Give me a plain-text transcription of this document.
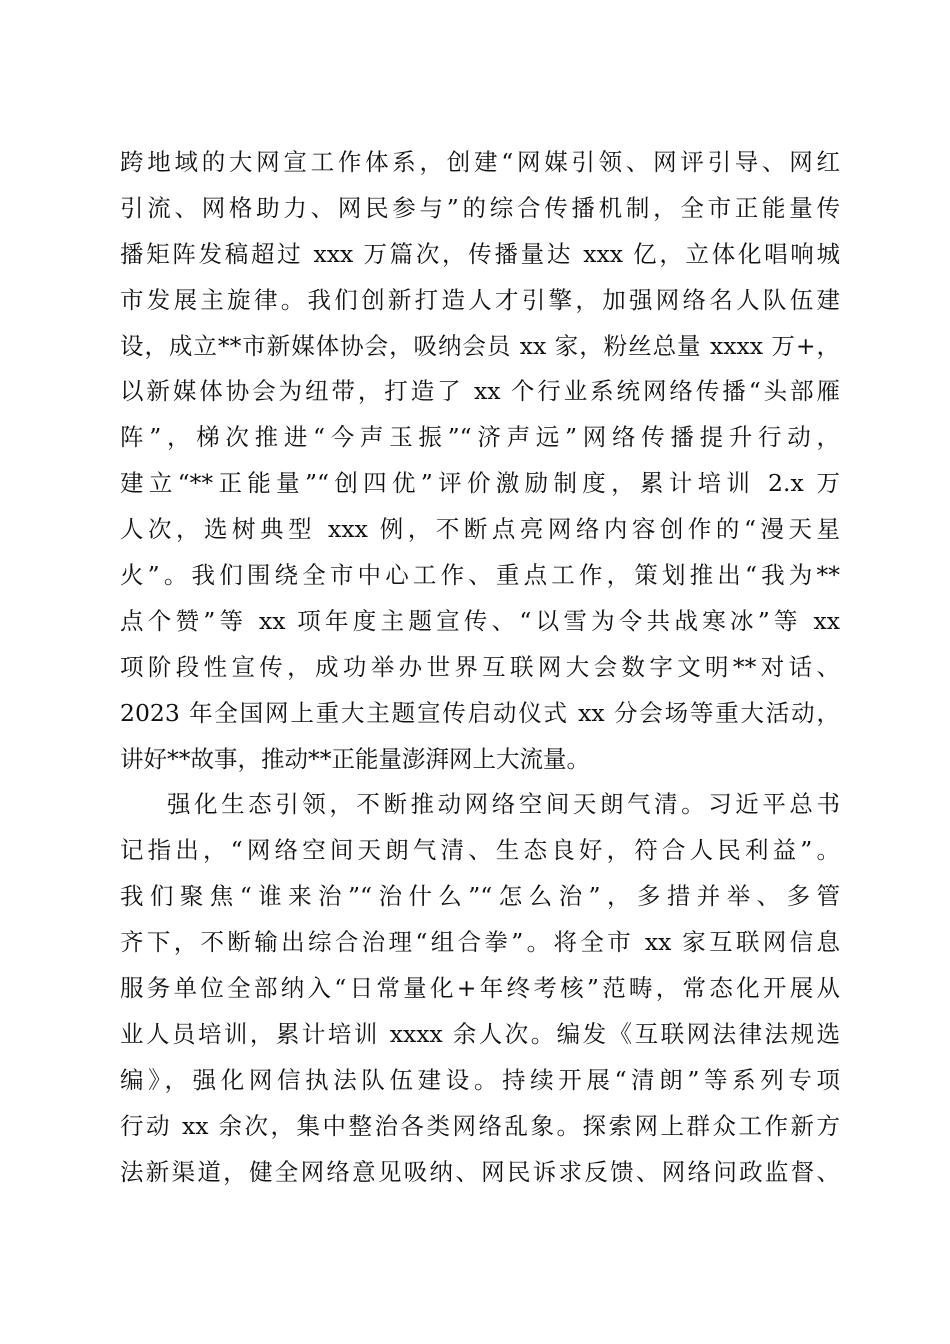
跨地域的大网宣工作体系，创建“网媒引领、网评引导、网红
引流、网格助力、网民参与”的综合传播机制，全市正能量传
播矩阵发稿超过 xxx 万篇次，传播量达 xxx 亿，立体化唱响城
市发展主旋律。我们创新打造人才引擎，加强网络名人队伍建
设，成立**市新媒体协会，吸纳会员 xx 家，粉丝总量 xxxx 万+，
以新媒体协会为纽带，打造了 xx 个行业系统网络传播“头部雁
阵”，梯次推进“今声玉振”“济声远”网络传播提升行动，
建立“**正能量”“创四优”评价激励制度，累计培训 2.x 万
人次，选树典型 xxx 例，不断点亮网络内容创作的“漫天星
火”。我们围绕全市中心工作、重点工作，策划推出“我为**
点个赞”等 xx 项年度主题宣传、“以雪为令共战寒冰”等 xx
项阶段性宣传，成功举办世界互联网大会数字文明**对话、
2023 年全国网上重大主题宣传启动仪式 xx 分会场等重大活动，
讲好**故事，推动**正能量澎湃网上大流量。
强化生态引领，不断推动网络空间天朗气清。习近平总书
记指出，“网络空间天朗气清、生态良好，符合人民利益”。
我们聚焦“谁来治”“治什么”“怎么治”，多措并举、多管
齐下，不断输出综合治理“组合拳”。将全市 xx 家互联网信息
服务单位全部纳入“日常量化+年终考核”范畴，常态化开展从
业人员培训，累计培训 xxxx 余人次。编发《互联网法律法规选
编》，强化网信执法队伍建设。持续开展“清朗”等系列专项
行动 xx 余次，集中整治各类网络乱象。探索网上群众工作新方
法新渠道，健全网络意见吸纳、网民诉求反馈、网络问政监督、
